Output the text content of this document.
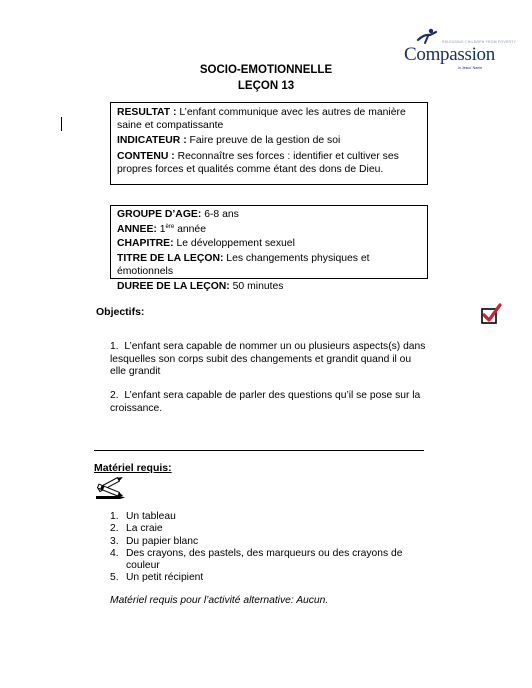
RELEASING CHILDREN FROM POVERTY
Compassion
In Jesus' Name
SOCIO-EMOTIONNELLE
LEÇON 13
RESULTAT : L’enfant communique avec les autres de manière saine et compatissante
INDICATEUR : Faire preuve de la gestion de soi
CONTENU : Reconnaître ses forces : identifier et cultiver ses propres forces et qualités comme étant des dons de Dieu.
GROUPE D’AGE: 6-8 ans
ANNEE: 1ère année
CHAPITRE: Le développement sexuel
TITRE DE LA LEÇON: Les changements physiques et émotionnels
DUREE DE LA LEÇON: 50 minutes
Objectifs:
1. L’enfant sera capable de nommer un ou plusieurs aspects(s) dans lesquelles son corps subit des changements et grandit quand il ou elle grandit
2. L’enfant sera capable de parler des questions qu’il se pose sur la croissance.
Matériel requis:
1. Un tableau
2. La craie
3. Du papier blanc
4. Des crayons, des pastels, des marqueurs ou des crayons de couleur
5. Un petit récipient
Matériel requis pour l’activité alternative: Aucun.
